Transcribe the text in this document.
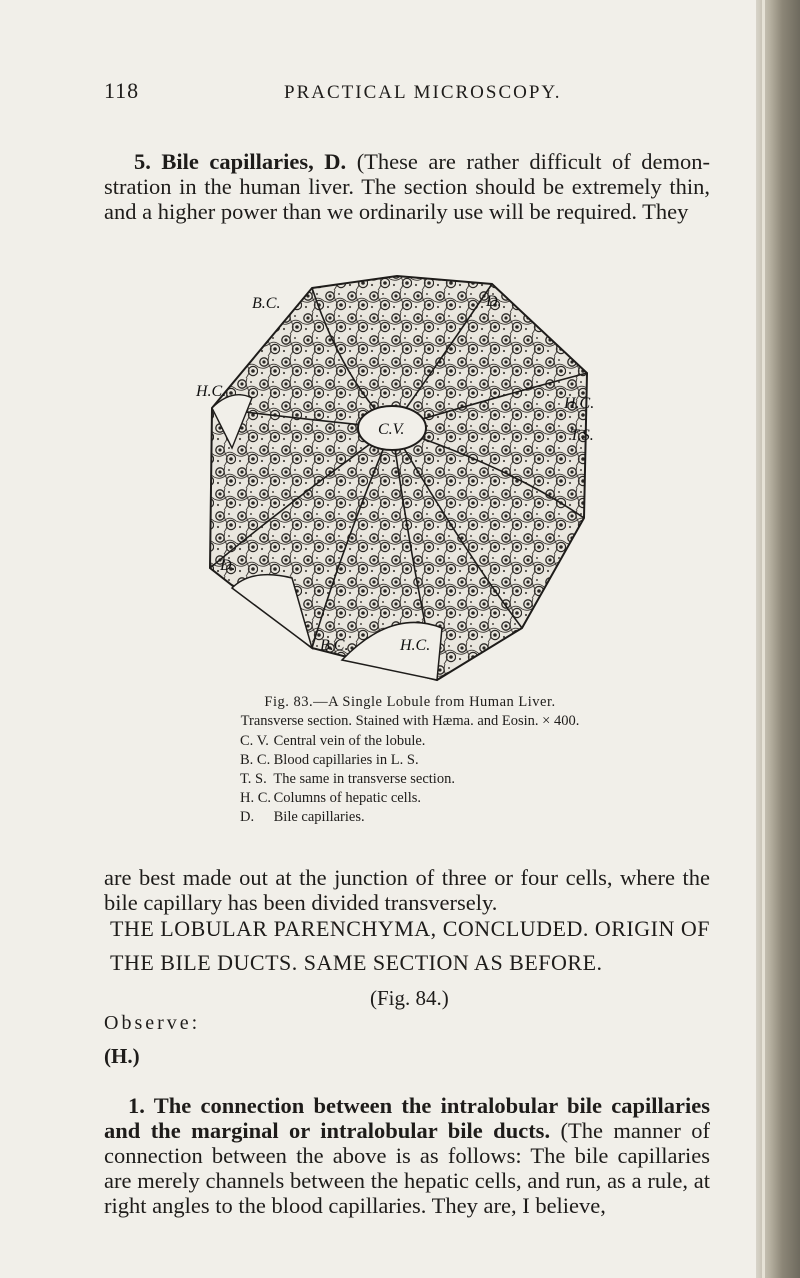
118	PRACTICAL MICROSCOPY.

5. Bile capillaries, D. (These are rather difficult of demonstration in the human liver. The section should be extremely thin, and a higher power than we ordinarily use will be required. They

B.C.
H.C.
C.V.
H.C.
T.S.
D.
D.
B.C.	H.C.
Fig. 83.—A Single Lobule from Human Liver.
Transverse section. Stained with Hæma. and Eosin. × 400.
C. V. Central vein of the lobule.
B. C. Blood capillaries in L. S.
T. S. The same in transverse section.
H. C. Columns of hepatic cells.
D. Bile capillaries.

are best made out at the junction of three or four cells, where the bile capillary has been divided transversely.

THE LOBULAR PARENCHYMA, CONCLUDED. ORIGIN OF THE BILE DUCTS. SAME SECTION AS BEFORE.
(Fig. 84.)
Observe:
(H.)

1. The connection between the intralobular bile capillaries and the marginal or intralobular bile ducts. (The manner of connection between the above is as follows: The bile capillaries are merely channels between the hepatic cells, and run, as a rule, at right angles to the blood capillaries. They are, I believe,
